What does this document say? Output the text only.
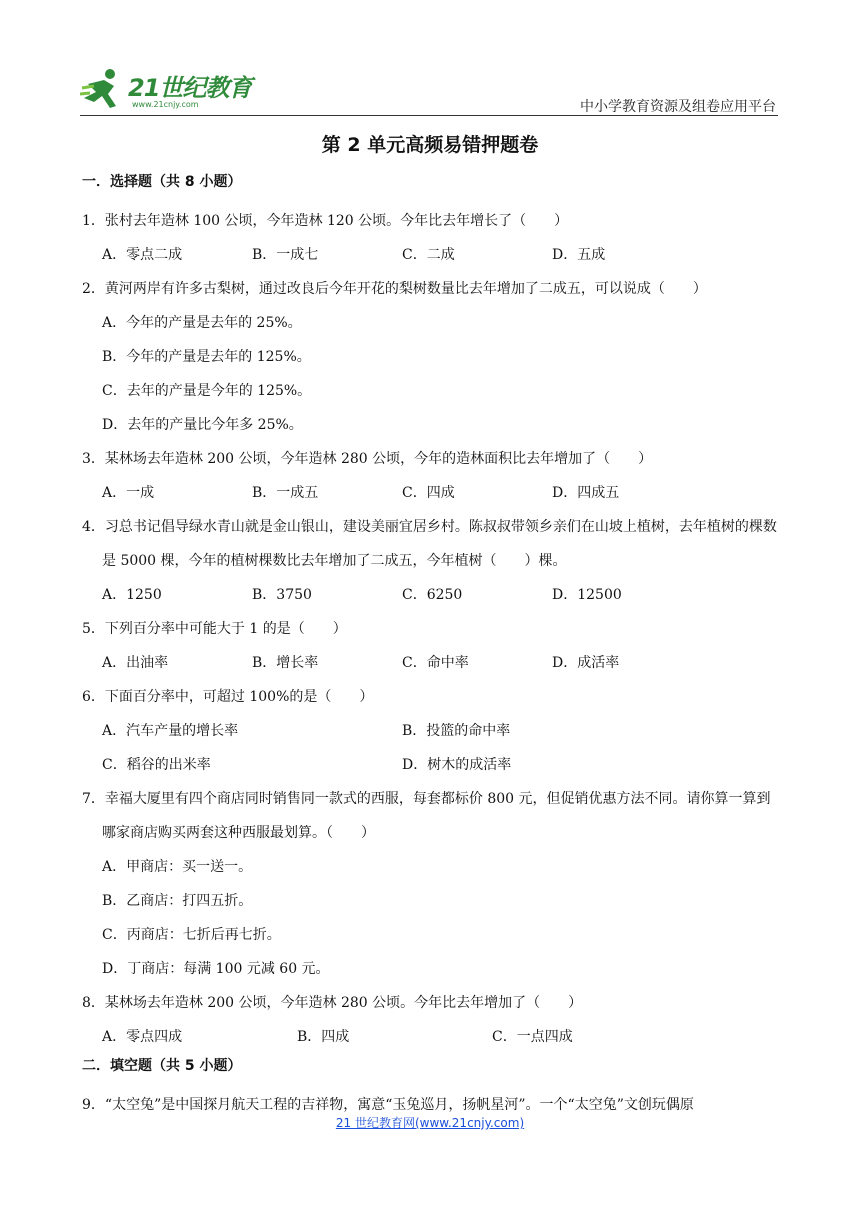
21世纪教育
www.21cnjy.com	中小学教育资源及组卷应用平台
第 2 单元高频易错押题卷
一．选择题（共 8 小题）
1．张村去年造林 100 公顷，今年造林 120 公顷。今年比去年增长了（　　）
A．零点二成	B．一成七	C．二成	D．五成
2．黄河两岸有许多古梨树，通过改良后今年开花的梨树数量比去年增加了二成五，可以说成（　　）
A．今年的产量是去年的 25%。
B．今年的产量是去年的 125%。
C．去年的产量是今年的 125%。
D．去年的产量比今年多 25%。
3．某林场去年造林 200 公顷，今年造林 280 公顷，今年的造林面积比去年增加了（　　）
A．一成	B．一成五	C．四成	D．四成五
4．习总书记倡导绿水青山就是金山银山，建设美丽宜居乡村。陈叔叔带领乡亲们在山坡上植树，去年植树的棵数是 5000 棵，今年的植树棵数比去年增加了二成五，今年植树（　　）棵。
A．1250	B．3750	C．6250	D．12500
5．下列百分率中可能大于 1 的是（　　）
A．出油率	B．增长率	C．命中率	D．成活率
6．下面百分率中，可超过 100%的是（　　）
A．汽车产量的增长率	B．投篮的命中率
C．稻谷的出米率	D．树木的成活率
7．幸福大厦里有四个商店同时销售同一款式的西服，每套都标价 800 元，但促销优惠方法不同。请你算一算到哪家商店购买两套这种西服最划算。（　　）
A．甲商店：买一送一。
B．乙商店：打四五折。
C．丙商店：七折后再七折。
D．丁商店：每满 100 元减 60 元。
8．某林场去年造林 200 公顷，今年造林 280 公顷。今年比去年增加了（　　）
A．零点四成	B．四成	C．一点四成
二．填空题（共 5 小题）
9．“太空兔”是中国探月航天工程的吉祥物，寓意“玉兔巡月，扬帆星河”。一个“太空兔”文创玩偶原
21 世纪教育网(www.21cnjy.com)
